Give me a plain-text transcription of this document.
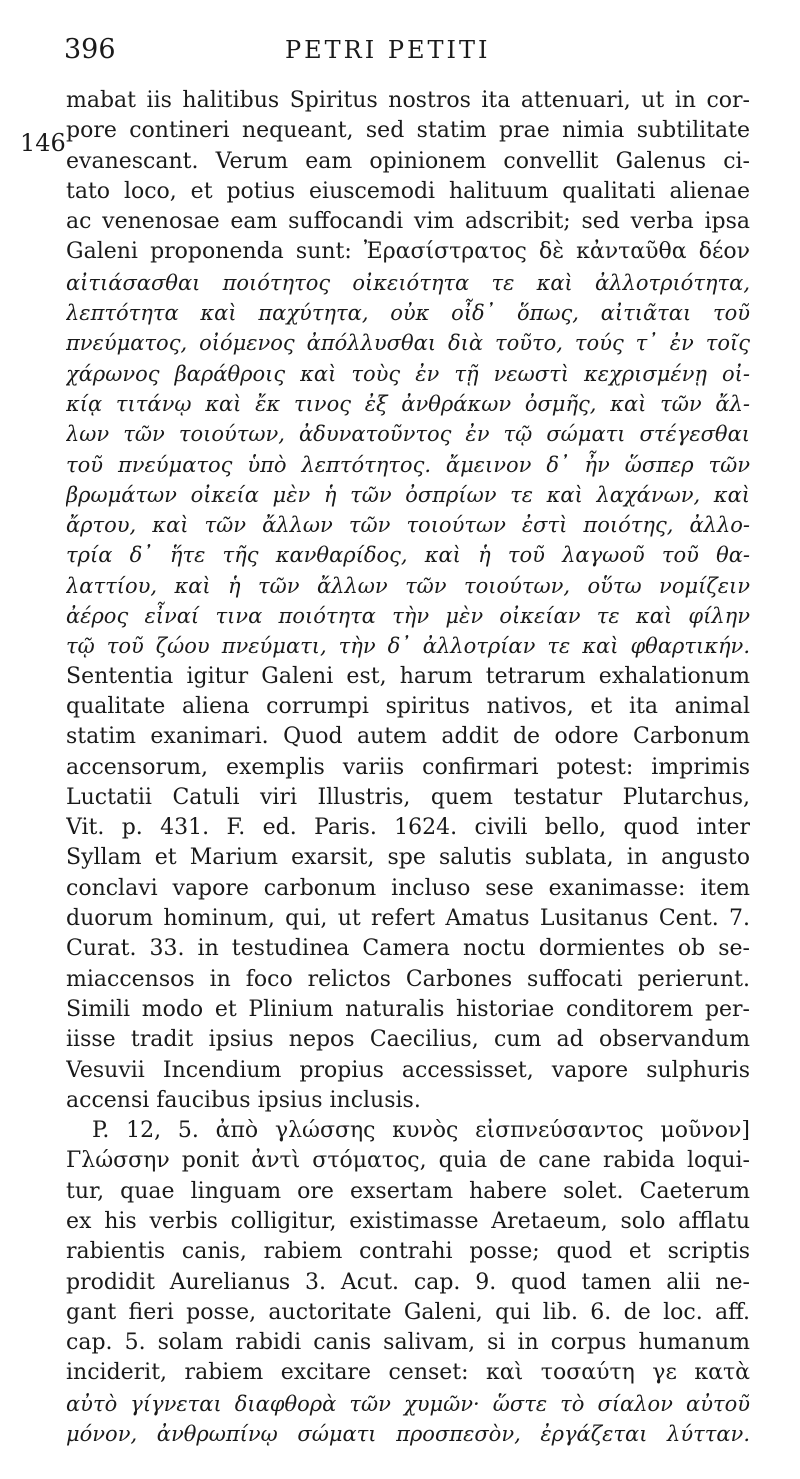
396	PETRI PETITI
146
mabat iis halitibus Spiritus nostros ita attenuari, ut in cor-
pore contineri nequeant, sed statim prae nimia subtilitate
evanescant. Verum eam opinionem convellit Galenus ci-
tato loco, et potius eiuscemodi halituum qualitati alienae
ac venenosae eam suffocandi vim adscribit; sed verba ipsa
Galeni proponenda sunt: Ἐρασίστρατος δὲ κἀνταῦθα δέον
αἰτιάσασθαι ποιότητος οἰκειότητα τε καὶ ἀλλοτριότητα,
λεπτότητα καὶ παχύτητα, οὐκ οἶδ᾽ ὅπως, αἰτιᾶται τοῦ
πνεύματος, οἰόμενος ἀπόλλυσθαι διὰ τοῦτο, τούς τ᾽ ἐν τοῖς
χάρωνος βαράθροις καὶ τοὺς ἐν τῇ νεωστὶ κεχρισμένῃ οἰ-
κίᾳ τιτάνῳ καὶ ἔκ τινος ἐξ ἀνθράκων ὀσμῆς, καὶ τῶν ἄλ-
λων τῶν τοιούτων, ἀδυνατοῦντος ἐν τῷ σώματι στέγεσθαι
τοῦ πνεύματος ὑπὸ λεπτότητος. ἄμεινον δ᾽ ἦν ὥσπερ τῶν
βρωμάτων οἰκεία μὲν ἡ τῶν ὀσπρίων τε καὶ λαχάνων, καὶ
ἄρτου, καὶ τῶν ἄλλων τῶν τοιούτων ἐστὶ ποιότης, ἀλλο-
τρία δ᾽ ἥτε τῆς κανθαρίδος, καὶ ἡ τοῦ λαγωοῦ τοῦ θα-
λαττίου, καὶ ἡ τῶν ἄλλων τῶν τοιούτων, οὕτω νομίζειν
ἀέρος εἶναί τινα ποιότητα τὴν μὲν οἰκείαν τε καὶ φίλην
τῷ τοῦ ζώου πνεύματι, τὴν δ᾽ ἀλλοτρίαν τε καὶ φθαρτικήν.
Sententia igitur Galeni est, harum tetrarum exhalationum
qualitate aliena corrumpi spiritus nativos, et ita animal
statim exanimari. Quod autem addit de odore Carbonum
accensorum, exemplis variis confirmari potest: imprimis
Luctatii Catuli viri Illustris, quem testatur Plutarchus,
Vit. p. 431. F. ed. Paris. 1624. civili bello, quod inter
Syllam et Marium exarsit, spe salutis sublata, in angusto
conclavi vapore carbonum incluso sese exanimasse: item
duorum hominum, qui, ut refert Amatus Lusitanus Cent. 7.
Curat. 33. in testudinea Camera noctu dormientes ob se-
miaccensos in foco relictos Carbones suffocati perierunt.
Simili modo et Plinium naturalis historiae conditorem per-
iisse tradit ipsius nepos Caecilius, cum ad observandum
Vesuvii Incendium propius accessisset, vapore sulphuris
accensi faucibus ipsius inclusis.
P. 12, 5. ἀπὸ γλώσσης κυνὸς εἰσπνεύσαντος μοῦνον]
Γλώσσην ponit ἀντὶ στόματος, quia de cane rabida loqui-
tur, quae linguam ore exsertam habere solet. Caeterum
ex his verbis colligitur, existimasse Aretaeum, solo afflatu
rabientis canis, rabiem contrahi posse; quod et scriptis
prodidit Aurelianus 3. Acut. cap. 9. quod tamen alii ne-
gant fieri posse, auctoritate Galeni, qui lib. 6. de loc. aff.
cap. 5. solam rabidi canis salivam, si in corpus humanum
inciderit, rabiem excitare censet: καὶ τοσαύτη γε κατὰ
αὐτὸ γίγνεται διαφθορὰ τῶν χυμῶν· ὥστε τὸ σίαλον αὐτοῦ
μόνον, ἀνθρωπίνῳ σώματι προσπεσὸν, ἐργάζεται λύτταν.
